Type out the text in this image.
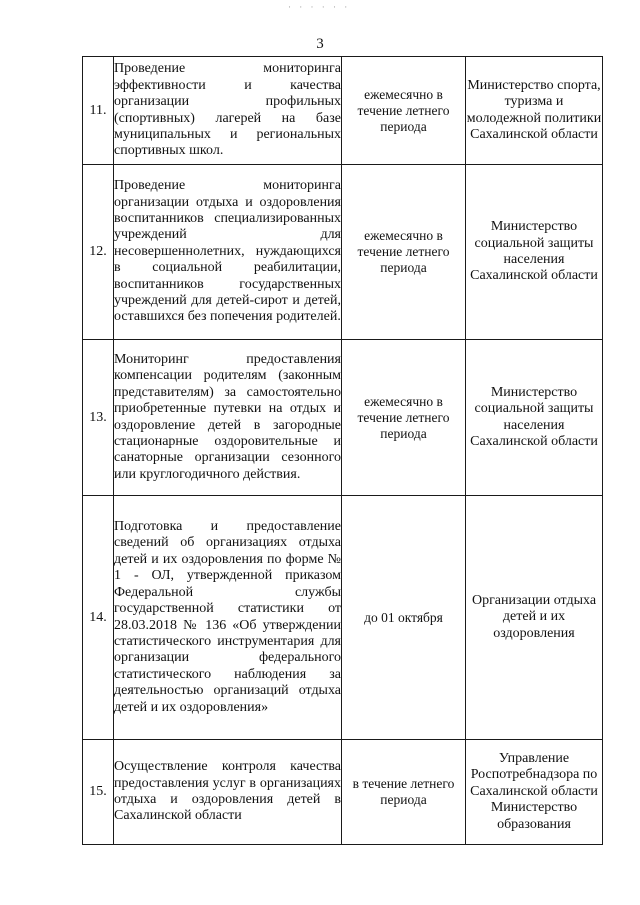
· · · · · ·
3
11.	Проведение мониторинга эффективности и качества организации профильных (спортивных) лагерей на базе муниципальных и региональных спортивных школ.	ежемесячно в течение летнего периода	Министерство спорта, туризма и молодежной политики Сахалинской области
12.	Проведение мониторинга организации отдыха и оздоровления воспитанников специализированных учреждений для несовершеннолетних, нуждающихся в социальной реабилитации, воспитанников государственных учреждений для детей-сирот и детей, оставшихся без попечения родителей.	ежемесячно в течение летнего периода	Министерство социальной защиты населения Сахалинской области
13.	Мониторинг предоставления компенсации родителям (законным представителям) за самостоятельно приобретенные путевки на отдых и оздоровление детей в загородные стационарные оздоровительные и санаторные организации сезонного или круглогодичного действия.	ежемесячно в течение летнего периода	Министерство социальной защиты населения Сахалинской области
14.	Подготовка и предоставление сведений об организациях отдыха детей и их оздоровления по форме № 1 - ОЛ, утвержденной приказом Федеральной службы государственной статистики от 28.03.2018 № 136 «Об утверждении статистического инструментария для организации федерального статистического наблюдения за деятельностью организаций отдыха детей и их оздоровления»	до 01 октября	Организации отдыха детей и их оздоровления
15.	Осуществление контроля качества предоставления услуг в организациях отдыха и оздоровления детей в Сахалинской области	в течение летнего периода	Управление Роспотребнадзора по Сахалинской области Министерство образования
